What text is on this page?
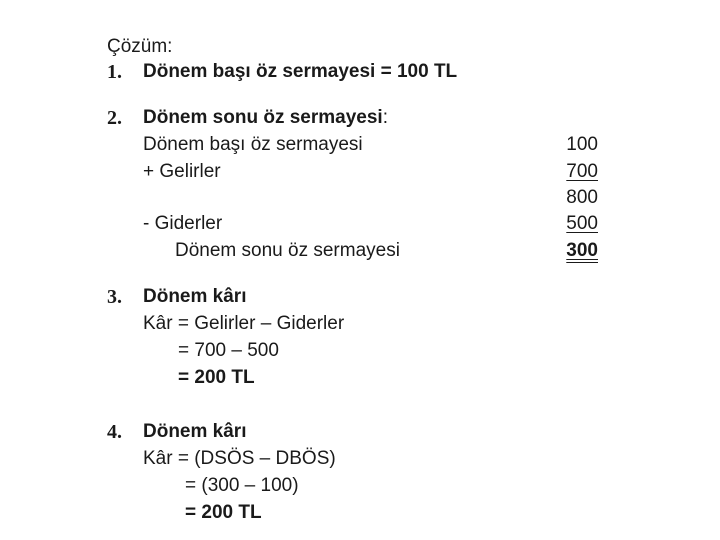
Çözüm:
1. Dönem başı öz sermayesi = 100 TL
2. Dönem sonu öz sermayesi:
Dönem başı öz sermayesi	100
+ Gelirler	700
800
- Giderler	500
Dönem sonu öz sermayesi	300
3. Dönem kârı
Kâr = Gelirler – Giderler
= 700 – 500
= 200 TL
4. Dönem kârı
Kâr = (DSÖS – DBÖS)
= (300 – 100)
= 200 TL
